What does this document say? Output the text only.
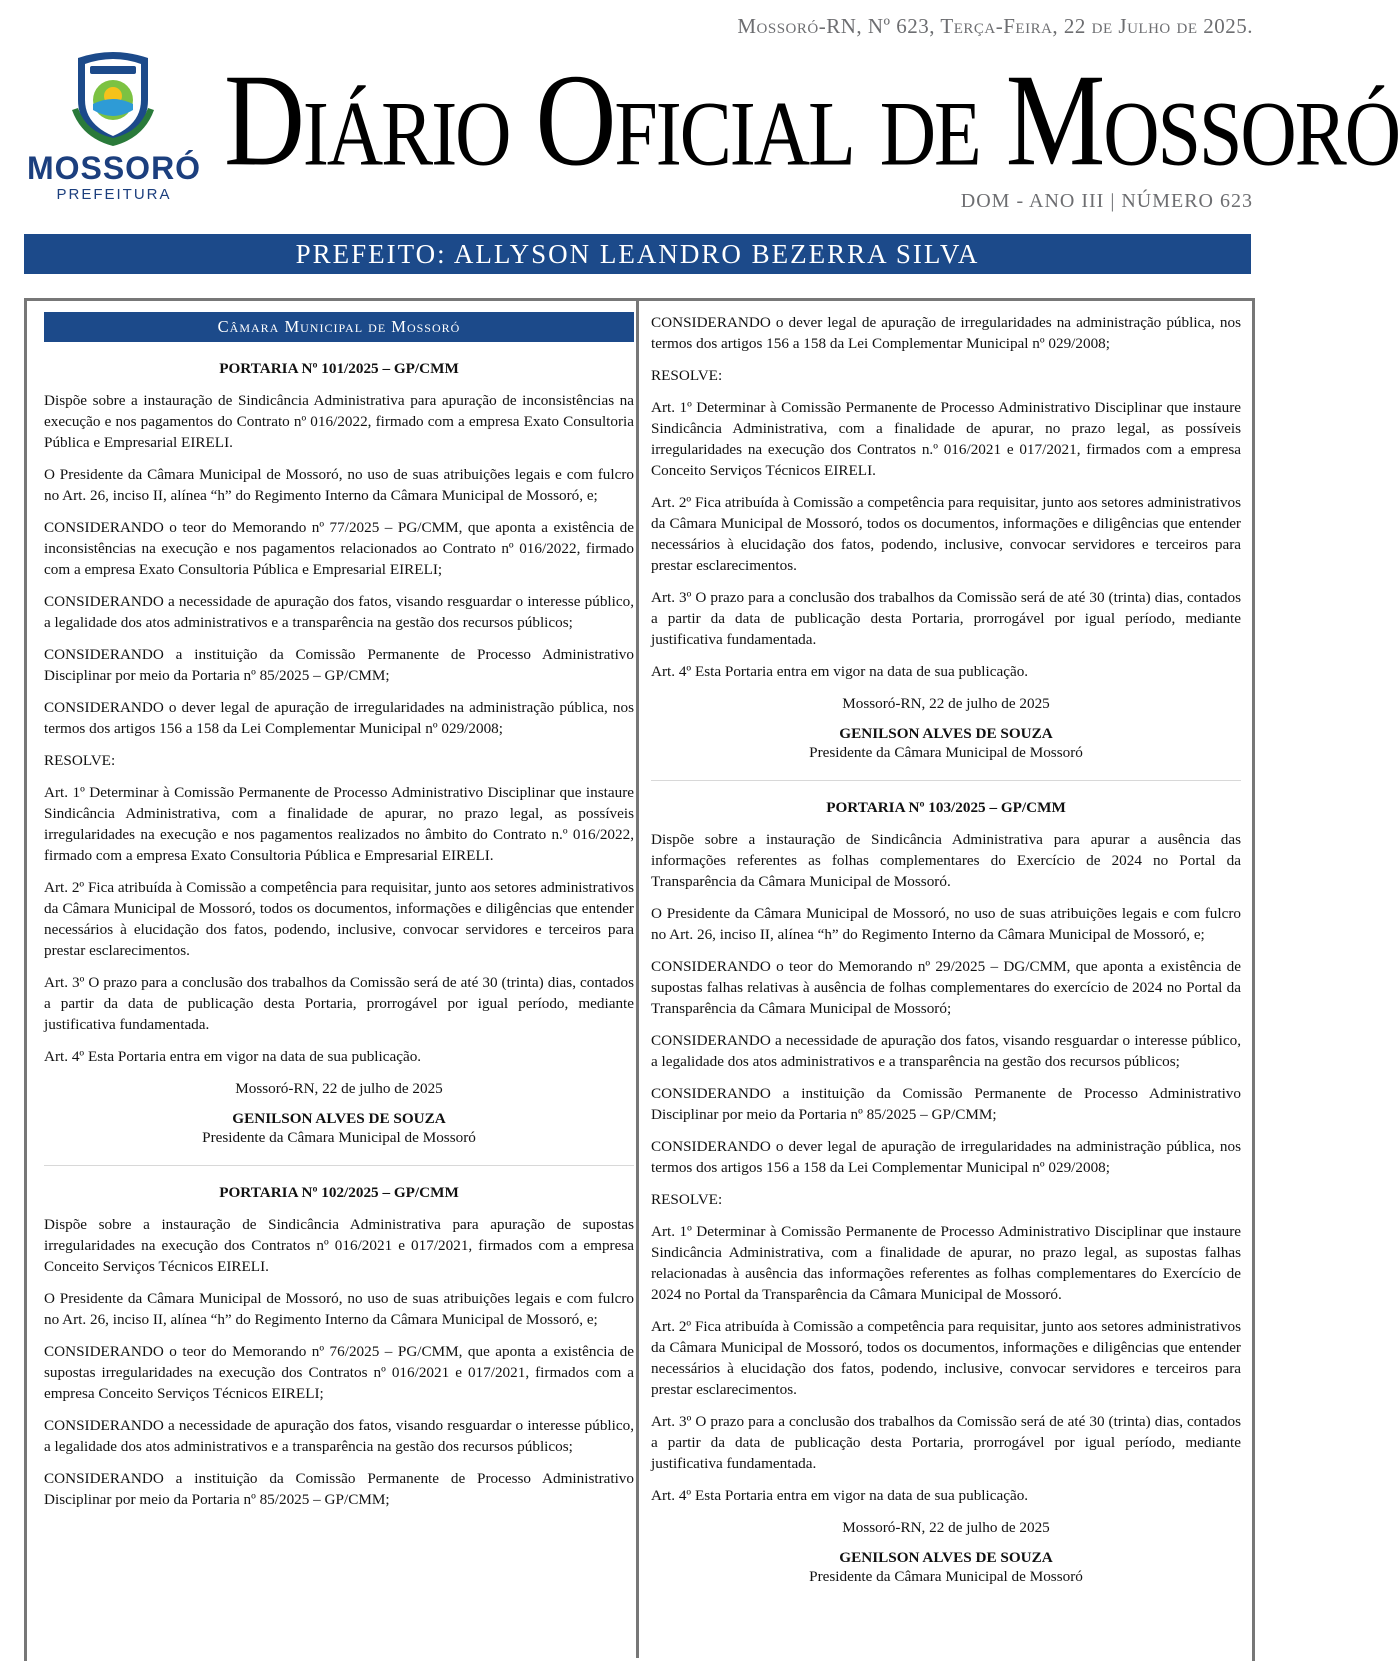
Mossoró-RN, Nº 623, Terça-Feira, 22 de Julho de 2025.
MOSSORÓ
PREFEITURA
Diário Oficial de Mossoró
DOM - ANO III | NÚMERO 623
PREFEITO: ALLYSON LEANDRO BEZERRA SILVA
Câmara Municipal de Mossoró
PORTARIA Nº 101/2025 – GP/CMM

Dispõe sobre a instauração de Sindicância Administrativa para apuração de inconsistências na execução e nos pagamentos do Contrato nº 016/2022, firmado com a empresa Exato Consultoria Pública e Empresarial EIRELI.

O Presidente da Câmara Municipal de Mossoró, no uso de suas atribuições legais e com fulcro no Art. 26, inciso II, alínea “h” do Regimento Interno da Câmara Municipal de Mossoró, e;

CONSIDERANDO o teor do Memorando nº 77/2025 – PG/CMM, que aponta a existência de inconsistências na execução e nos pagamentos relacionados ao Contrato nº 016/2022, firmado com a empresa Exato Consultoria Pública e Empresarial EIRELI;

CONSIDERANDO a necessidade de apuração dos fatos, visando resguardar o interesse público, a legalidade dos atos administrativos e a transparência na gestão dos recursos públicos;

CONSIDERANDO a instituição da Comissão Permanente de Processo Administrativo Disciplinar por meio da Portaria nº 85/2025 – GP/CMM;

CONSIDERANDO o dever legal de apuração de irregularidades na administração pública, nos termos dos artigos 156 a 158 da Lei Complementar Municipal nº 029/2008;

RESOLVE:

Art. 1º Determinar à Comissão Permanente de Processo Administrativo Disciplinar que instaure Sindicância Administrativa, com a finalidade de apurar, no prazo legal, as possíveis irregularidades na execução e nos pagamentos realizados no âmbito do Contrato n.º 016/2022, firmado com a empresa Exato Consultoria Pública e Empresarial EIRELI.

Art. 2º Fica atribuída à Comissão a competência para requisitar, junto aos setores administrativos da Câmara Municipal de Mossoró, todos os documentos, informações e diligências que entender necessários à elucidação dos fatos, podendo, inclusive, convocar servidores e terceiros para prestar esclarecimentos.

Art. 3º O prazo para a conclusão dos trabalhos da Comissão será de até 30 (trinta) dias, contados a partir da data de publicação desta Portaria, prorrogável por igual período, mediante justificativa fundamentada.

Art. 4º Esta Portaria entra em vigor na data de sua publicação.

Mossoró-RN, 22 de julho de 2025

GENILSON ALVES DE SOUZA

Presidente da Câmara Municipal de Mossoró

PORTARIA Nº 102/2025 – GP/CMM

Dispõe sobre a instauração de Sindicância Administrativa para apuração de supostas irregularidades na execução dos Contratos nº 016/2021 e 017/2021, firmados com a empresa Conceito Serviços Técnicos EIRELI.

O Presidente da Câmara Municipal de Mossoró, no uso de suas atribuições legais e com fulcro no Art. 26, inciso II, alínea “h” do Regimento Interno da Câmara Municipal de Mossoró, e;

CONSIDERANDO o teor do Memorando nº 76/2025 – PG/CMM, que aponta a existência de supostas irregularidades na execução dos Contratos nº 016/2021 e 017/2021, firmados com a empresa Conceito Serviços Técnicos EIRELI;

CONSIDERANDO a necessidade de apuração dos fatos, visando resguardar o interesse público, a legalidade dos atos administrativos e a transparência na gestão dos recursos públicos;

CONSIDERANDO a instituição da Comissão Permanente de Processo Administrativo Disciplinar por meio da Portaria nº 85/2025 – GP/CMM;

CONSIDERANDO o dever legal de apuração de irregularidades na administração pública, nos termos dos artigos 156 a 158 da Lei Complementar Municipal nº 029/2008;

RESOLVE:

Art. 1º Determinar à Comissão Permanente de Processo Administrativo Disciplinar que instaure Sindicância Administrativa, com a finalidade de apurar, no prazo legal, as possíveis irregularidades na execução dos Contratos n.º 016/2021 e 017/2021, firmados com a empresa Conceito Serviços Técnicos EIRELI.

Art. 2º Fica atribuída à Comissão a competência para requisitar, junto aos setores administrativos da Câmara Municipal de Mossoró, todos os documentos, informações e diligências que entender necessários à elucidação dos fatos, podendo, inclusive, convocar servidores e terceiros para prestar esclarecimentos.

Art. 3º O prazo para a conclusão dos trabalhos da Comissão será de até 30 (trinta) dias, contados a partir da data de publicação desta Portaria, prorrogável por igual período, mediante justificativa fundamentada.

Art. 4º Esta Portaria entra em vigor na data de sua publicação.

Mossoró-RN, 22 de julho de 2025

GENILSON ALVES DE SOUZA

Presidente da Câmara Municipal de Mossoró

PORTARIA Nº 103/2025 – GP/CMM

Dispõe sobre a instauração de Sindicância Administrativa para apurar a ausência das informações referentes as folhas complementares do Exercício de 2024 no Portal da Transparência da Câmara Municipal de Mossoró.

O Presidente da Câmara Municipal de Mossoró, no uso de suas atribuições legais e com fulcro no Art. 26, inciso II, alínea “h” do Regimento Interno da Câmara Municipal de Mossoró, e;

CONSIDERANDO o teor do Memorando nº 29/2025 – DG/CMM, que aponta a existência de supostas falhas relativas à ausência de folhas complementares do exercício de 2024 no Portal da Transparência da Câmara Municipal de Mossoró;

CONSIDERANDO a necessidade de apuração dos fatos, visando resguardar o interesse público, a legalidade dos atos administrativos e a transparência na gestão dos recursos públicos;

CONSIDERANDO a instituição da Comissão Permanente de Processo Administrativo Disciplinar por meio da Portaria nº 85/2025 – GP/CMM;

CONSIDERANDO o dever legal de apuração de irregularidades na administração pública, nos termos dos artigos 156 a 158 da Lei Complementar Municipal nº 029/2008;

RESOLVE:

Art. 1º Determinar à Comissão Permanente de Processo Administrativo Disciplinar que instaure Sindicância Administrativa, com a finalidade de apurar, no prazo legal, as supostas falhas relacionadas à ausência das informações referentes as folhas complementares do Exercício de 2024 no Portal da Transparência da Câmara Municipal de Mossoró.

Art. 2º Fica atribuída à Comissão a competência para requisitar, junto aos setores administrativos da Câmara Municipal de Mossoró, todos os documentos, informações e diligências que entender necessários à elucidação dos fatos, podendo, inclusive, convocar servidores e terceiros para prestar esclarecimentos.

Art. 3º O prazo para a conclusão dos trabalhos da Comissão será de até 30 (trinta) dias, contados a partir da data de publicação desta Portaria, prorrogável por igual período, mediante justificativa fundamentada.

Art. 4º Esta Portaria entra em vigor na data de sua publicação.

Mossoró-RN, 22 de julho de 2025

GENILSON ALVES DE SOUZA

Presidente da Câmara Municipal de Mossoró
